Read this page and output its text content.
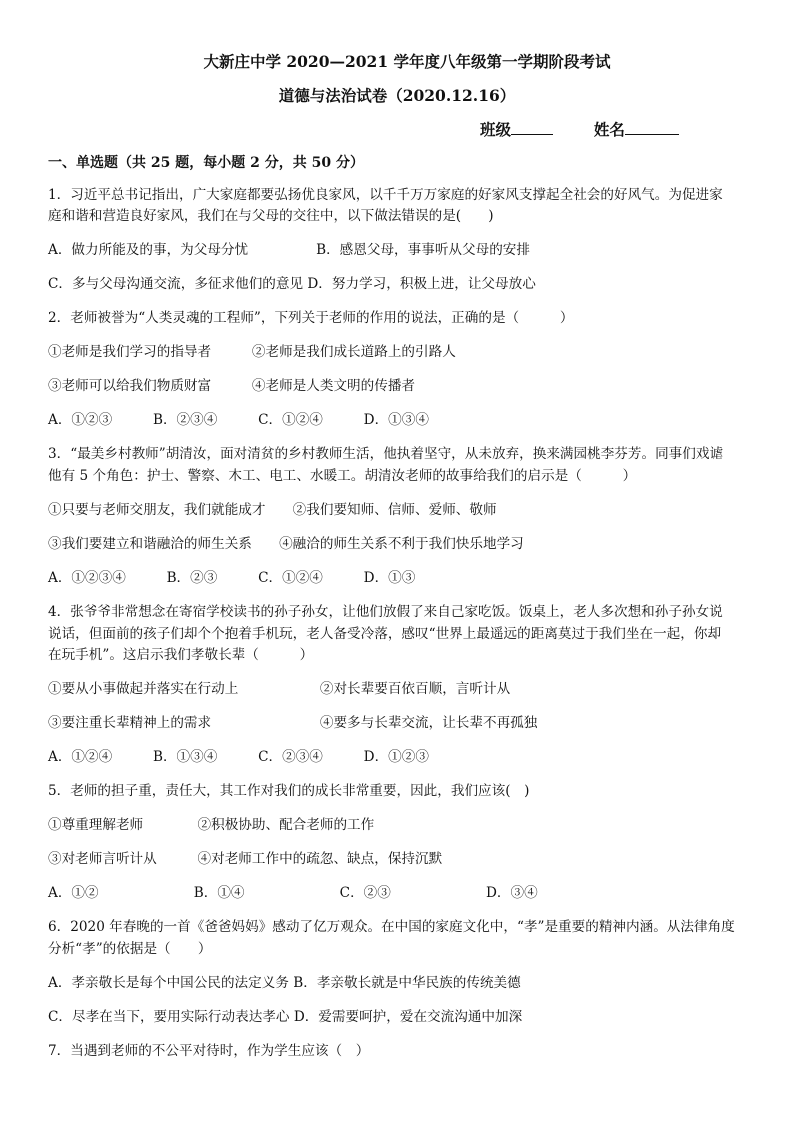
大新庄中学 2020—2021 学年度八年级第一学期阶段考试
道德与法治试卷（2020.12.16）
班级	姓名
一、单选题（共 25 题，每小题 2 分，共 50 分）
1．习近平总书记指出，广大家庭都要弘扬优良家风，以千千万万家庭的好家风支撑起全社会的好风气。为促进家
庭和谐和营造良好家风，我们在与父母的交往中，以下做法错误的是(　　)
A．做力所能及的事，为父母分忧　　　　　B．感恩父母，事事听从父母的安排
C．多与父母沟通交流，多征求他们的意见 D．努力学习，积极上进，让父母放心
2．老师被誉为“人类灵魂的工程师”，下列关于老师的作用的说法，正确的是（　　　）
①老师是我们学习的指导者　　　②老师是我们成长道路上的引路人
③老师可以给我们物质财富　　　④老师是人类文明的传播者
A．①②③　　　B．②③④　　　C．①②④　　　D．①③④
3．“最美乡村教师”胡清汝，面对清贫的乡村教师生活，他执着坚守，从未放弃，换来满园桃李芬芳。同事们戏谑
他有 5 个角色：护士、警察、木工、电工、水暖工。胡清汝老师的故事给我们的启示是（　　　）
①只要与老师交朋友，我们就能成才　　②我们要知师、信师、爱师、敬师
③我们要建立和谐融洽的师生关系　　④融洽的师生关系不利于我们快乐地学习
A．①②③④　　　B．②③　　　C．①②④　　　D．①③
4．张爷爷非常想念在寄宿学校读书的孙子孙女，让他们放假了来自己家吃饭。饭桌上，老人多次想和孙子孙女说
说话，但面前的孩子们却个个抱着手机玩，老人备受冷落，感叹“世界上最遥远的距离莫过于我们坐在一起，你却
在玩手机”。这启示我们孝敬长辈（　　　）
①要从小事做起并落实在行动上　　　　　　②对长辈要百依百顺，言听计从
③要注重长辈精神上的需求　　　　　　　　④要多与长辈交流，让长辈不再孤独
A．①②④　　　B．①③④　　　C．②③④　　　D．①②③
5．老师的担子重，责任大，其工作对我们的成长非常重要，因此，我们应该(　)
①尊重理解老师　　　　②积极协助、配合老师的工作
③对老师言听计从　　　④对老师工作中的疏忽、缺点，保持沉默
A．①②　　　　　　　B．①④　　　　　　　C．②③　　　　　　　D．③④
6．2020 年春晚的一首《爸爸妈妈》感动了亿万观众。在中国的家庭文化中，“孝”是重要的精神内涵。从法律角度
分析“孝”的依据是（　　）
A．孝亲敬长是每个中国公民的法定义务 B．孝亲敬长就是中华民族的传统美德
C．尽孝在当下，要用实际行动表达孝心 D．爱需要呵护，爱在交流沟通中加深
7．当遇到老师的不公平对待时，作为学生应该（　）
